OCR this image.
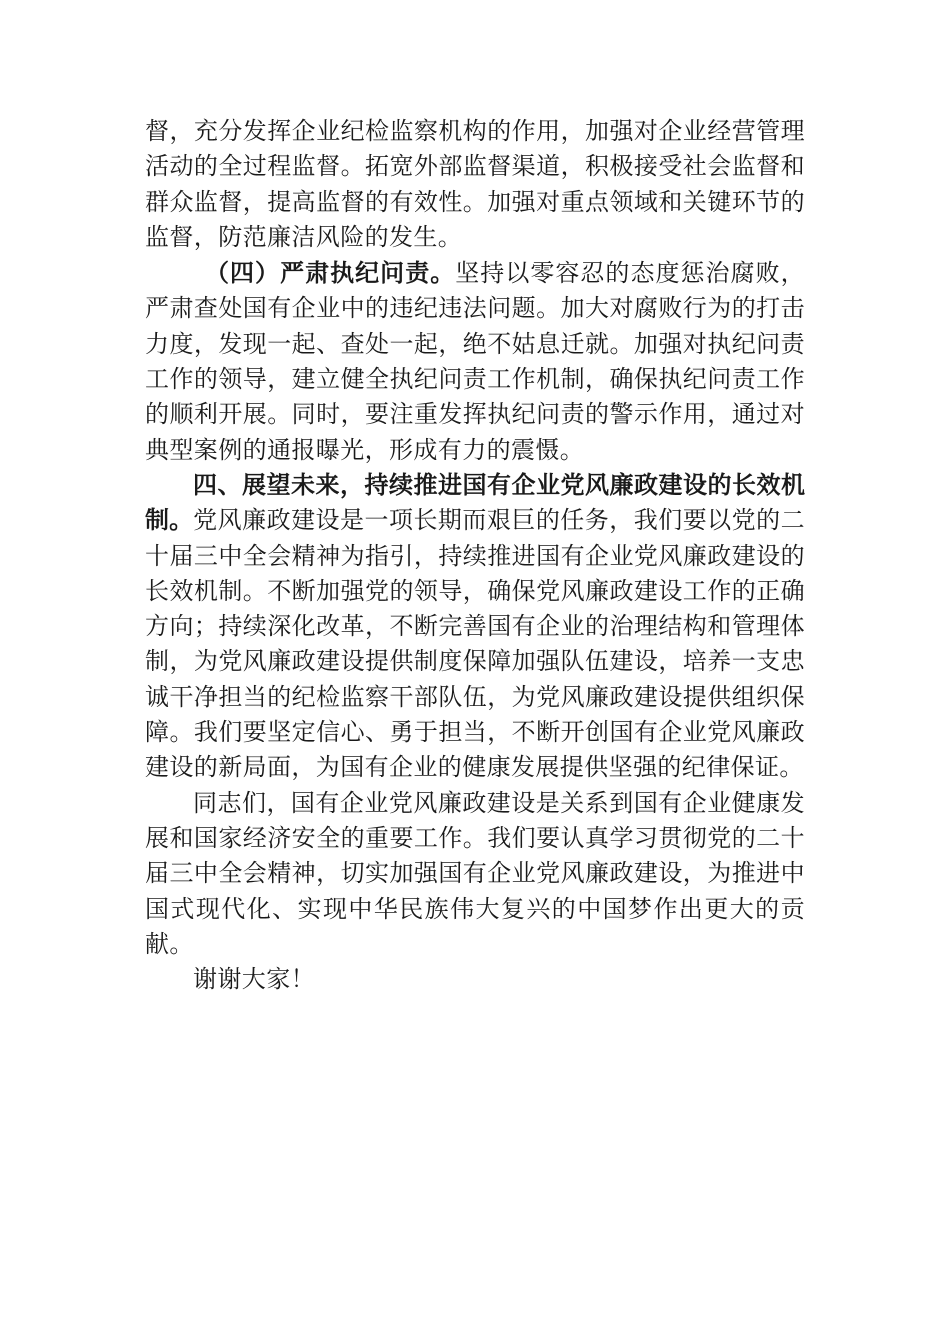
督，充分发挥企业纪检监察机构的作用，加强对企业经营管理活动的全过程监督。拓宽外部监督渠道，积极接受社会监督和群众监督，提高监督的有效性。加强对重点领域和关键环节的监督，防范廉洁风险的发生。

（四）严肃执纪问责。坚持以零容忍的态度惩治腐败，严肃查处国有企业中的违纪违法问题。加大对腐败行为的打击力度，发现一起、查处一起，绝不姑息迁就。加强对执纪问责工作的领导，建立健全执纪问责工作机制，确保执纪问责工作的顺利开展。同时，要注重发挥执纪问责的警示作用，通过对典型案例的通报曝光，形成有力的震慑。

四、展望未来，持续推进国有企业党风廉政建设的长效机制。党风廉政建设是一项长期而艰巨的任务，我们要以党的二十届三中全会精神为指引，持续推进国有企业党风廉政建设的长效机制。不断加强党的领导，确保党风廉政建设工作的正确方向；持续深化改革，不断完善国有企业的治理结构和管理体制，为党风廉政建设提供制度保障加强队伍建设，培养一支忠诚干净担当的纪检监察干部队伍，为党风廉政建设提供组织保障。我们要坚定信心、勇于担当，不断开创国有企业党风廉政建设的新局面，为国有企业的健康发展提供坚强的纪律保证。

同志们，国有企业党风廉政建设是关系到国有企业健康发展和国家经济安全的重要工作。我们要认真学习贯彻党的二十届三中全会精神，切实加强国有企业党风廉政建设，为推进中国式现代化、实现中华民族伟大复兴的中国梦作出更大的贡献。

谢谢大家！
